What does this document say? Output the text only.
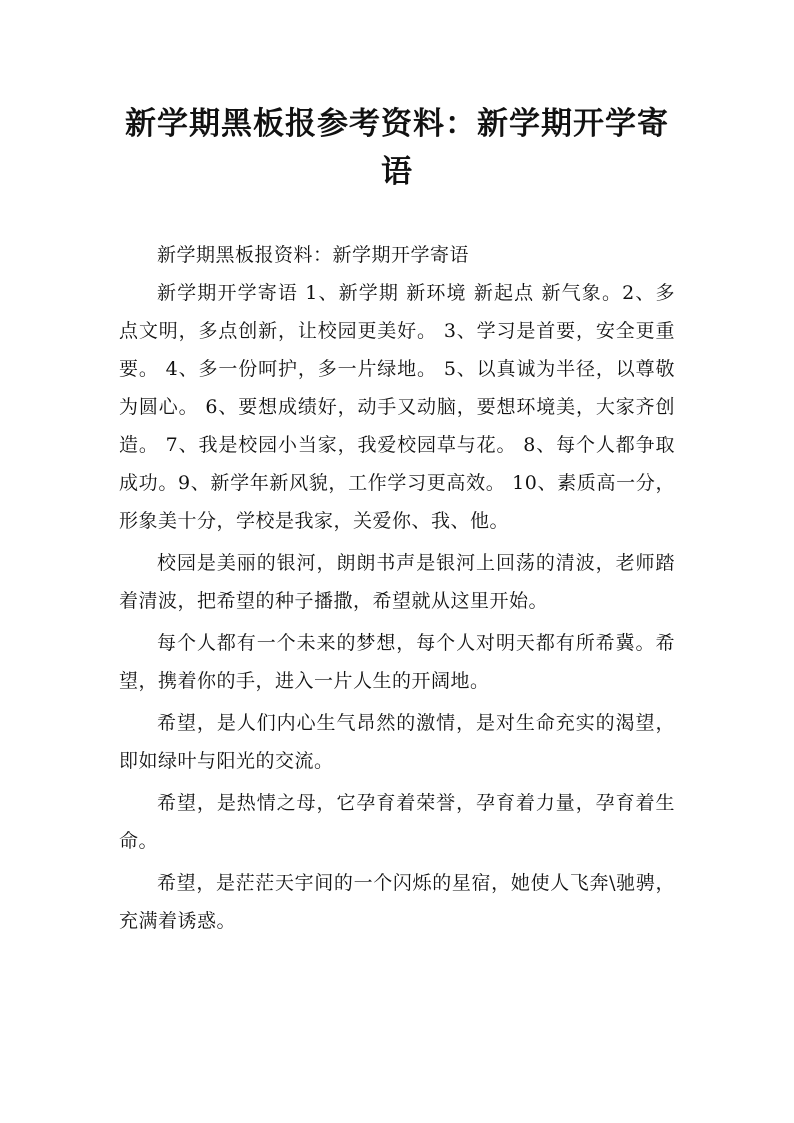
新学期黑板报参考资料：新学期开学寄语

新学期黑板报资料：新学期开学寄语

新学期开学寄语 1、新学期 新环境 新起点 新气象。2、多点文明，多点创新，让校园更美好。 3、学习是首要，安全更重要。 4、多一份呵护，多一片绿地。 5、以真诚为半径，以尊敬为圆心。 6、要想成绩好，动手又动脑，要想环境美，大家齐创造。 7、我是校园小当家，我爱校园草与花。 8、每个人都争取成功。9、新学年新风貌，工作学习更高效。 10、素质高一分，形象美十分，学校是我家，关爱你、我、他。

校园是美丽的银河，朗朗书声是银河上回荡的清波，老师踏着清波，把希望的种子播撒，希望就从这里开始。

每个人都有一个未来的梦想，每个人对明天都有所希冀。希望，携着你的手，进入一片人生的开阔地。

希望，是人们内心生气昂然的激情，是对生命充实的渴望，即如绿叶与阳光的交流。

希望，是热情之母，它孕育着荣誉，孕育着力量，孕育着生命。

希望，是茫茫天宇间的一个闪烁的星宿，她使人飞奔\驰骋，充满着诱惑。
